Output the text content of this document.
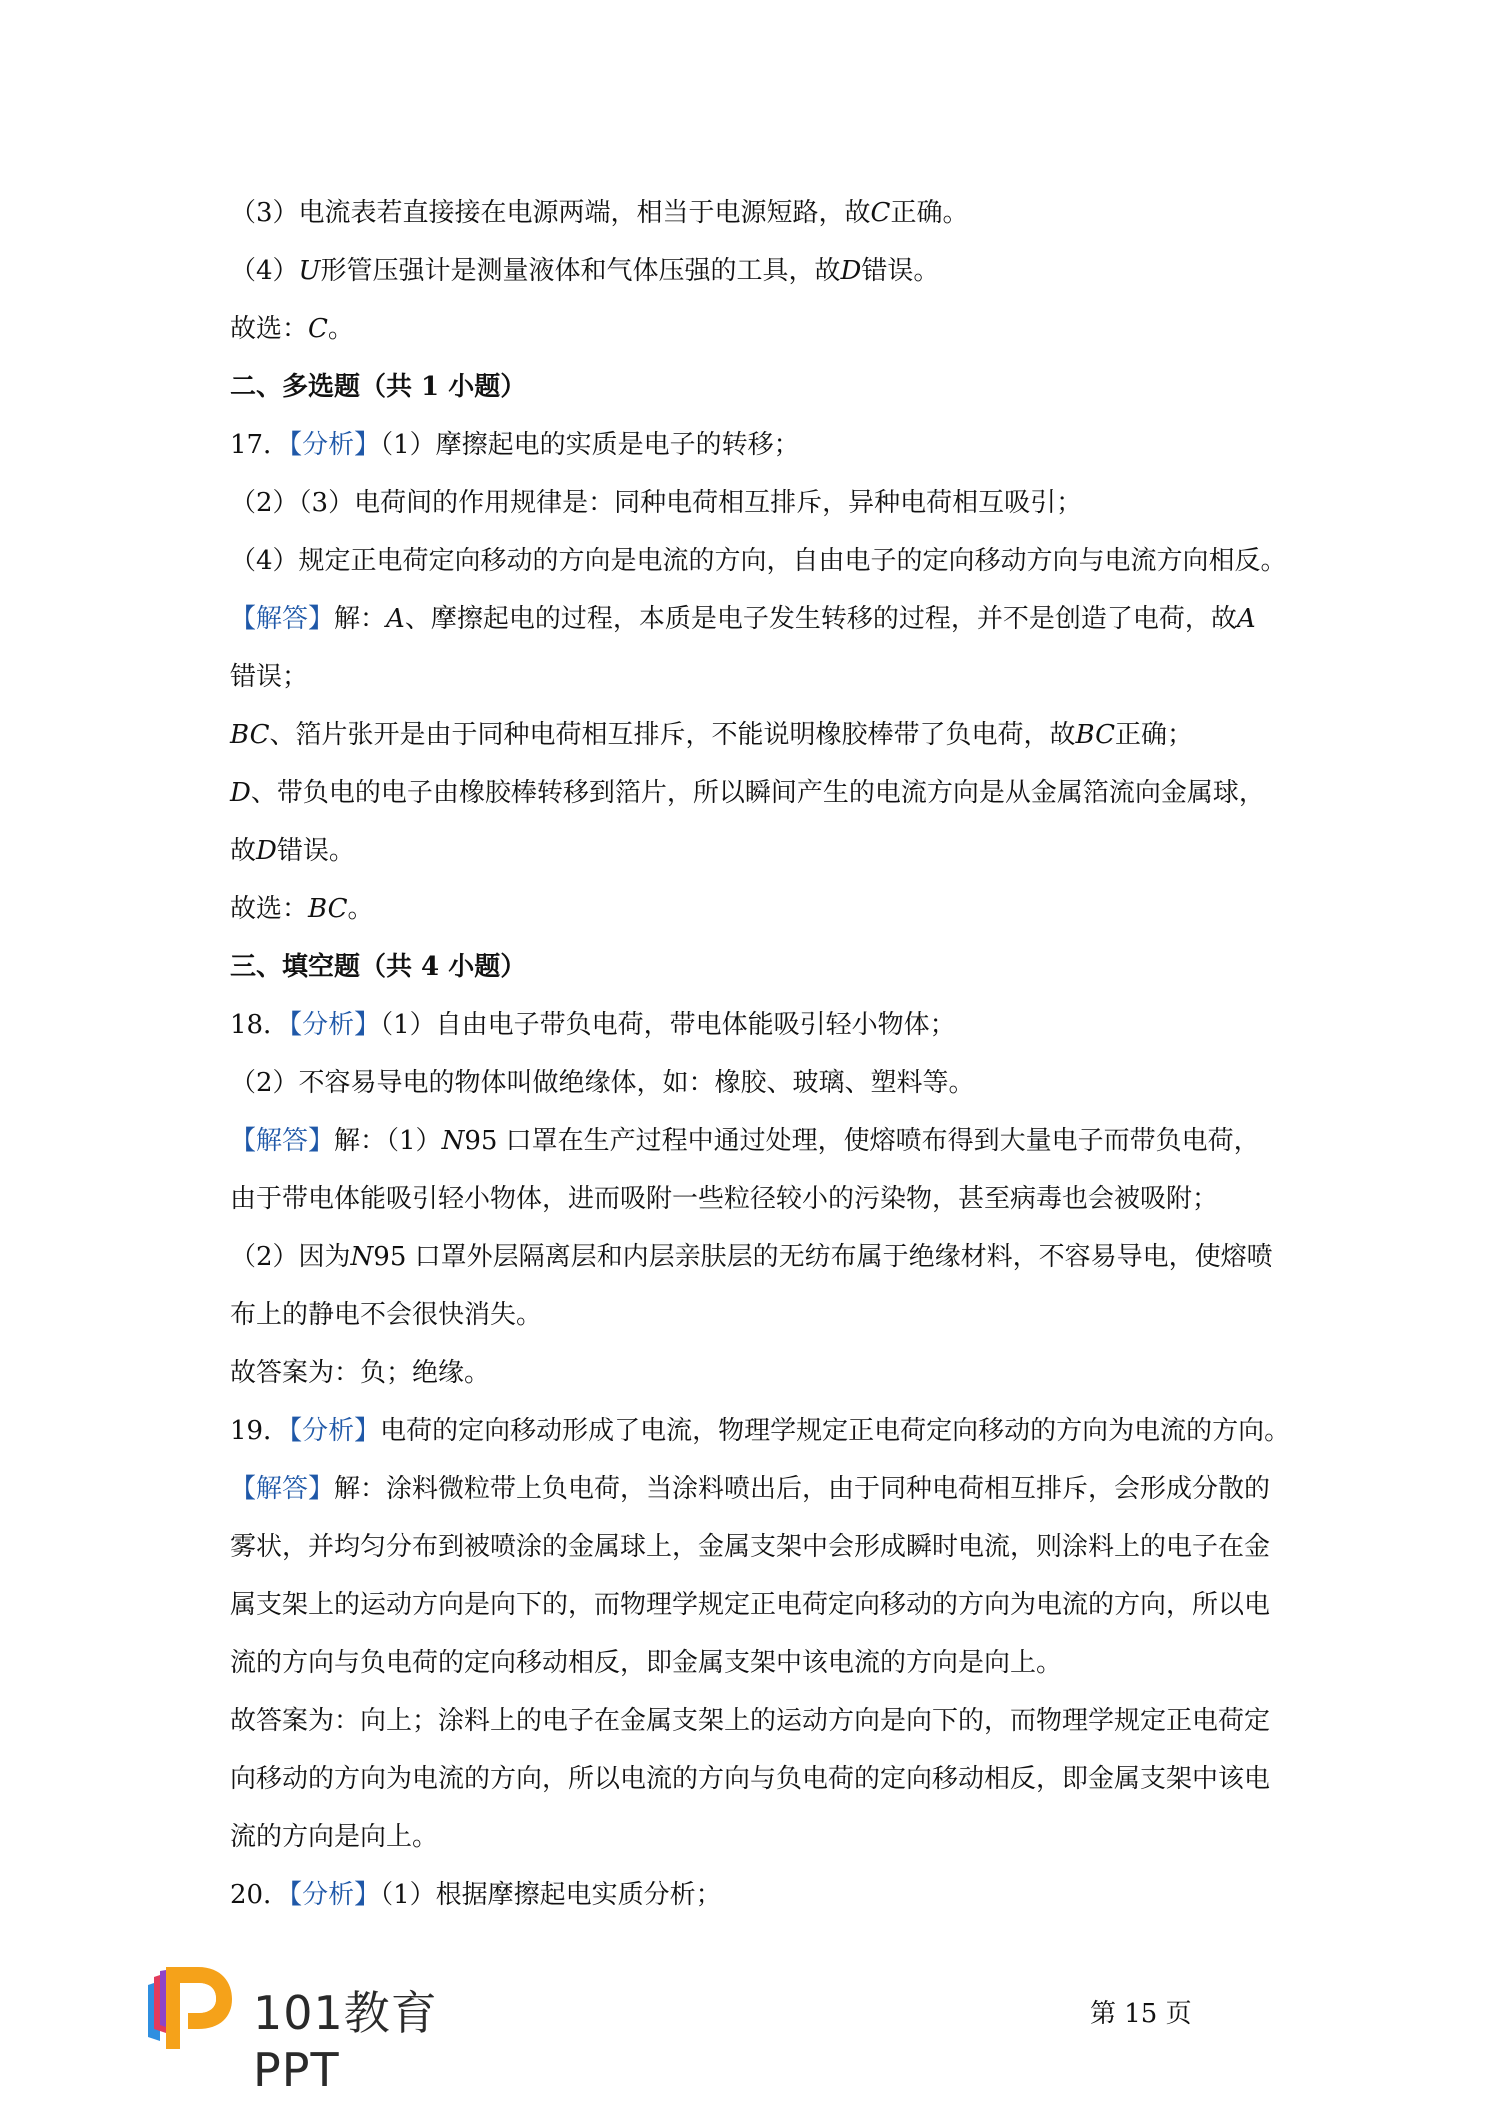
（3）电流表若直接接在电源两端，相当于电源短路，故C正确。
（4）U形管压强计是测量液体和气体压强的工具，故D错误。
故选：C。
二、多选题（共 1 小题）
17．【分析】（1）摩擦起电的实质是电子的转移；
（2）（3）电荷间的作用规律是：同种电荷相互排斥，异种电荷相互吸引；
（4）规定正电荷定向移动的方向是电流的方向，自由电子的定向移动方向与电流方向相反。
【解答】解：A、摩擦起电的过程，本质是电子发生转移的过程，并不是创造了电荷，故A
错误；
BC、箔片张开是由于同种电荷相互排斥，不能说明橡胶棒带了负电荷，故BC正确；
D、带负电的电子由橡胶棒转移到箔片，所以瞬间产生的电流方向是从金属箔流向金属球，
故D错误。
故选：BC。
三、填空题（共 4 小题）
18．【分析】（1）自由电子带负电荷，带电体能吸引轻小物体；
（2）不容易导电的物体叫做绝缘体，如：橡胶、玻璃、塑料等。
【解答】解：（1）N95 口罩在生产过程中通过处理，使熔喷布得到大量电子而带负电荷，
由于带电体能吸引轻小物体，进而吸附一些粒径较小的污染物，甚至病毒也会被吸附；
（2）因为N95 口罩外层隔离层和内层亲肤层的无纺布属于绝缘材料，不容易导电，使熔喷
布上的静电不会很快消失。
故答案为：负；绝缘。
19．【分析】电荷的定向移动形成了电流，物理学规定正电荷定向移动的方向为电流的方向。
【解答】解：涂料微粒带上负电荷，当涂料喷出后，由于同种电荷相互排斥，会形成分散的
雾状，并均匀分布到被喷涂的金属球上，金属支架中会形成瞬时电流，则涂料上的电子在金
属支架上的运动方向是向下的，而物理学规定正电荷定向移动的方向为电流的方向，所以电
流的方向与负电荷的定向移动相反，即金属支架中该电流的方向是向上。
故答案为：向上；涂料上的电子在金属支架上的运动方向是向下的，而物理学规定正电荷定
向移动的方向为电流的方向，所以电流的方向与负电荷的定向移动相反，即金属支架中该电
流的方向是向上。
20．【分析】（1）根据摩擦起电实质分析；
101教育PPT
第 15 页
